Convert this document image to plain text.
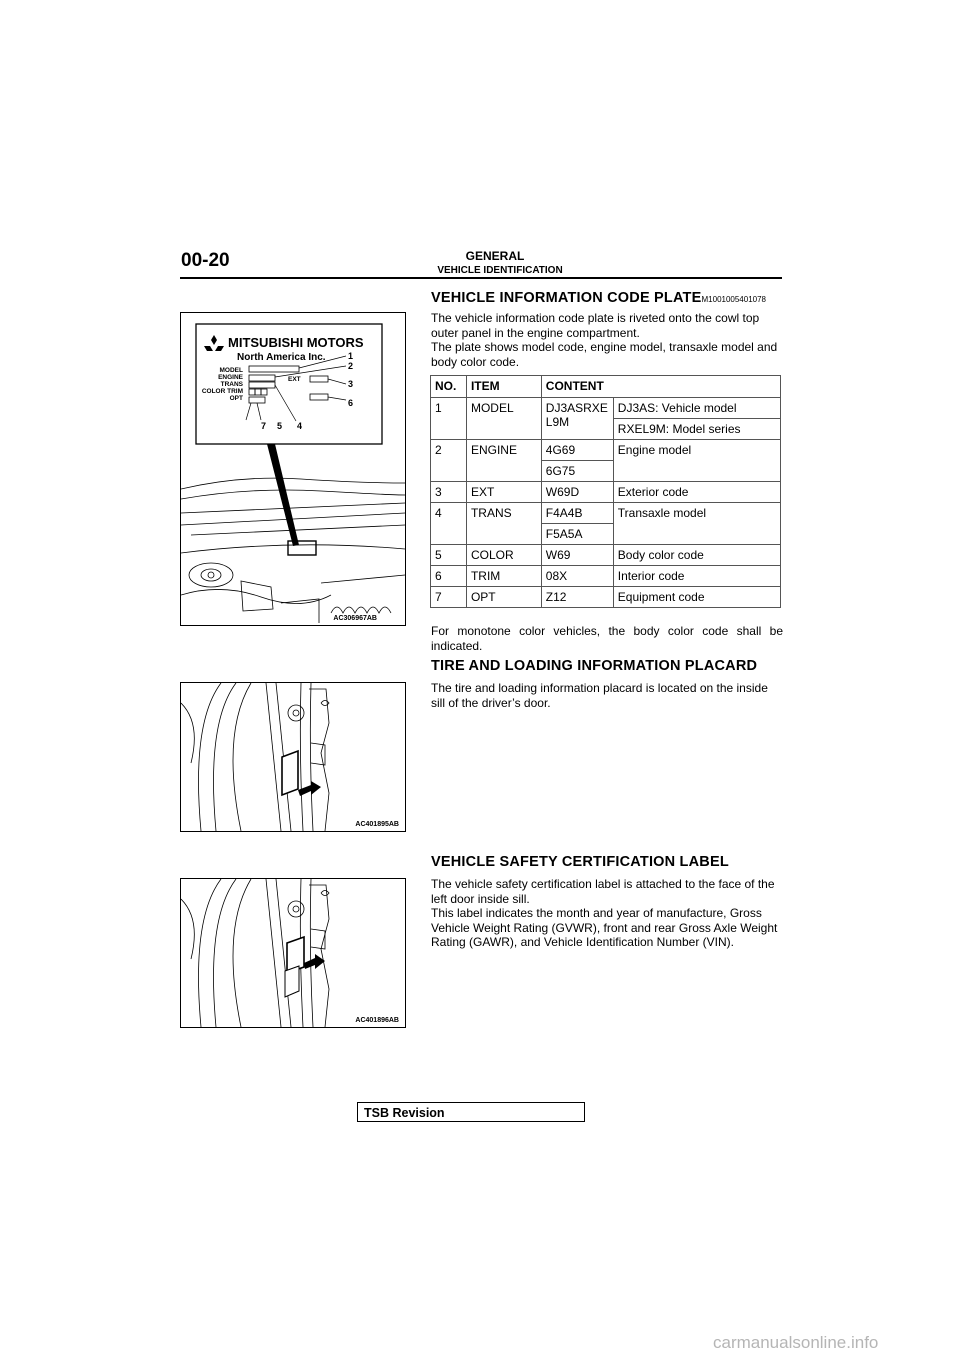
00-20	GENERAL
VEHICLE IDENTIFICATION
MITSUBISHI MOTORS
North America Inc.
MODEL
ENGINE
TRANS
COLOR TRIM
OPT
EXT
1
2
3
6
7 5 4
AC306967AB
AC401895AB
AC401896AB
VEHICLE INFORMATION CODE PLATEM1001005401078
The vehicle information code plate is riveted onto the cowl top outer panel in the engine compartment.
The plate shows model code, engine model, transaxle model and body color code.
NO.	ITEM	CONTENT	
1	MODEL	DJ3ASRXE L9M	DJ3AS: Vehicle model
			RXEL9M: Model series
2	ENGINE	4G69	Engine model
		6G75	
3	EXT	W69D	Exterior code
4	TRANS	F4A4B	Transaxle model
		F5A5A	
5	COLOR	W69	Body color code
6	TRIM	08X	Interior code
7	OPT	Z12	Equipment code
For monotone color vehicles, the body color code shall be indicated.
TIRE AND LOADING INFORMATION PLACARD
The tire and loading information placard is located on the inside sill of the driver’s door.
VEHICLE SAFETY CERTIFICATION LABEL
The vehicle safety certification label is attached to the face of the left door inside sill.
This label indicates the month and year of manufacture, Gross Vehicle Weight Rating (GVWR), front and rear Gross Axle Weight Rating (GAWR), and Vehicle Identification Number (VIN).
TSB Revision
carmanualsonline.info
